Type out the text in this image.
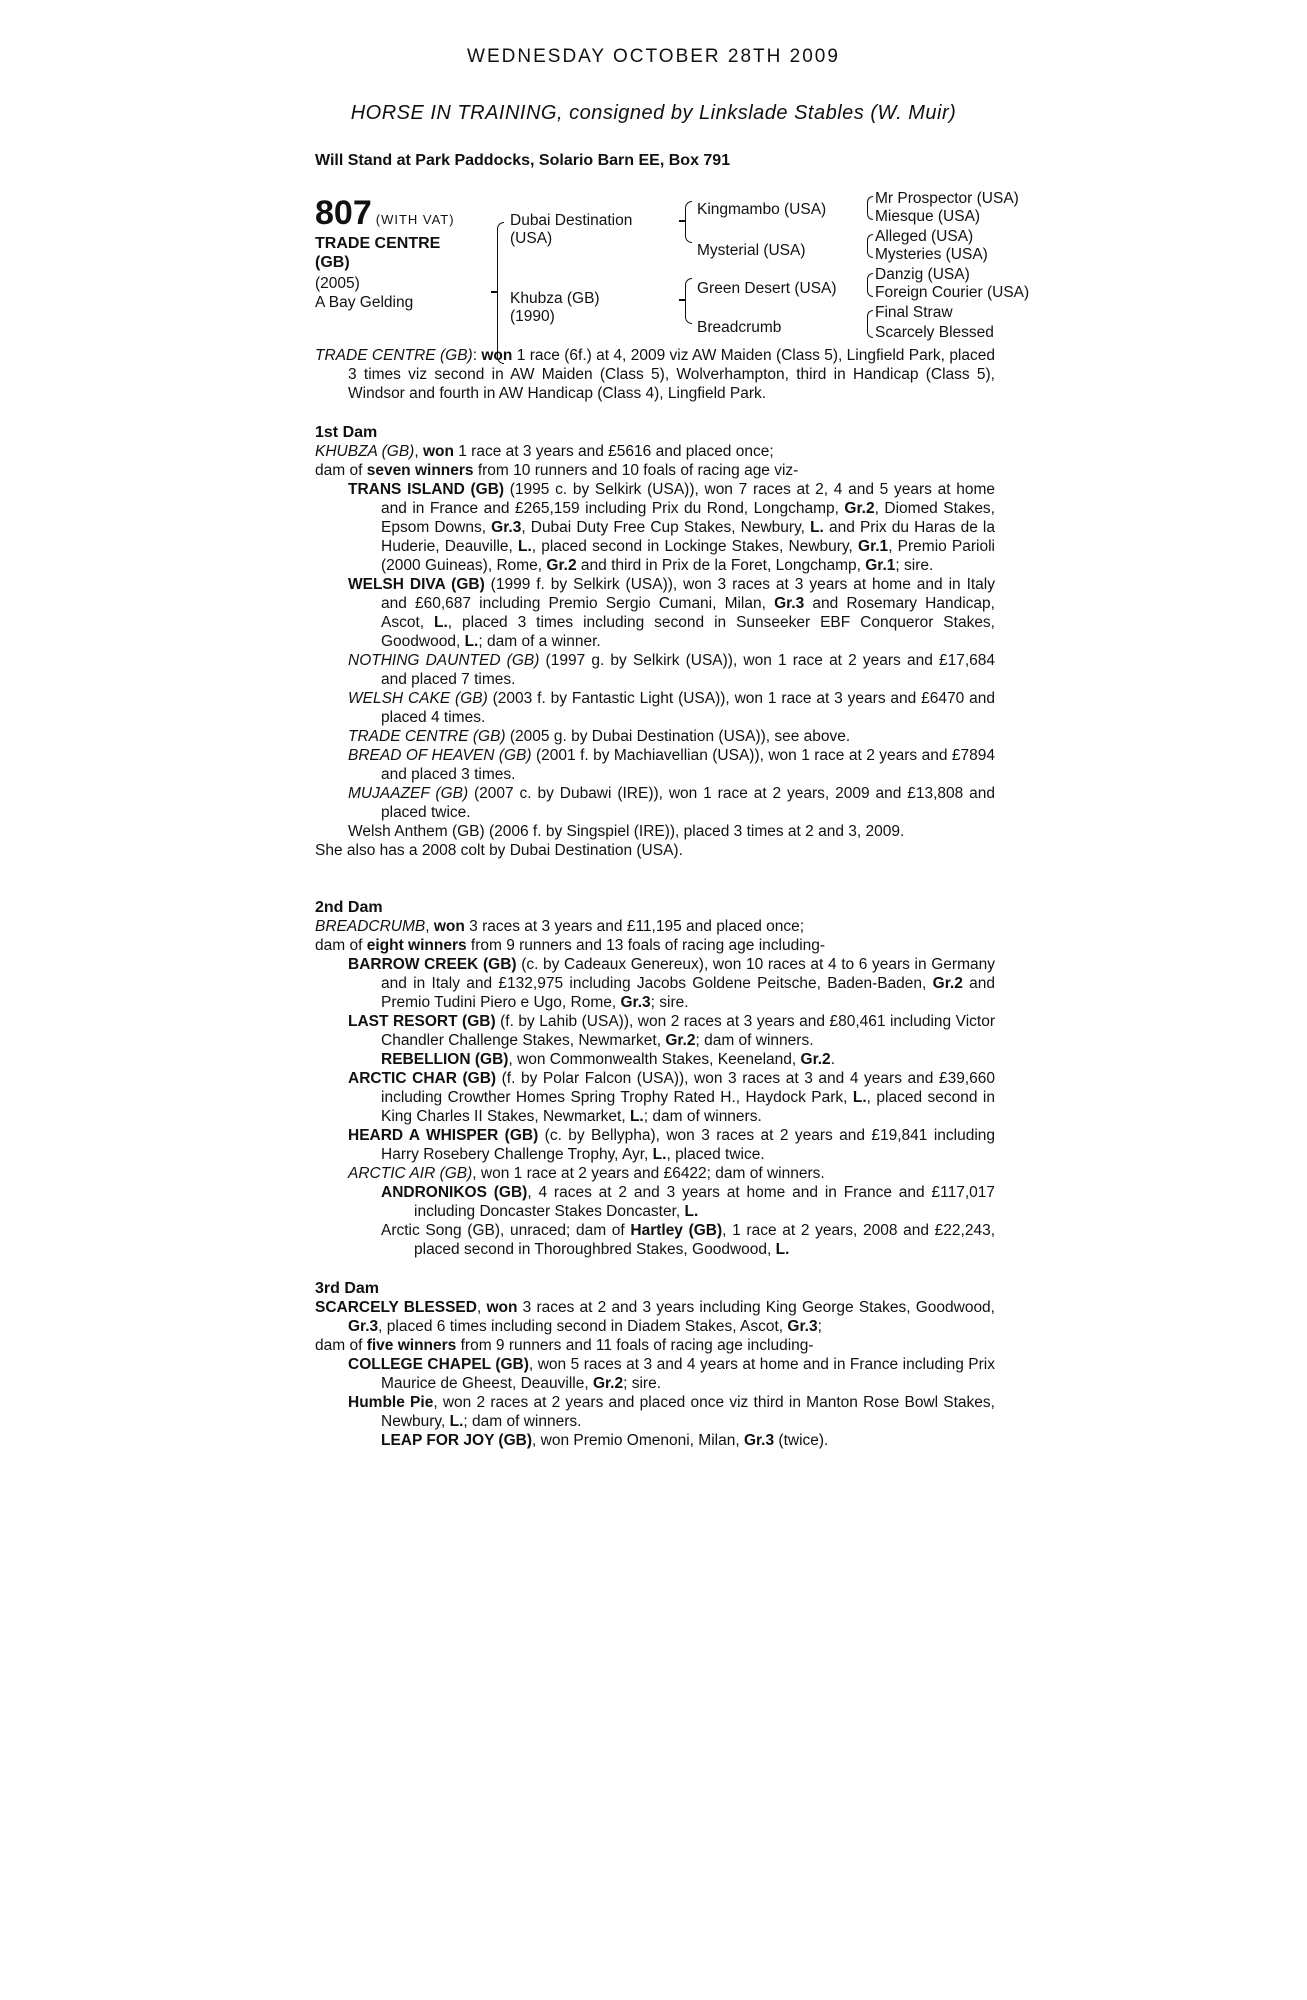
WEDNESDAY OCTOBER 28TH 2009
HORSE IN TRAINING, consigned by Linkslade Stables (W. Muir)
Will Stand at Park Paddocks, Solario Barn EE, Box 791
807 (WITH VAT)
TRADE CENTRE
(GB)
(2005)
A Bay Gelding
Dubai Destination
(USA)
Khubza (GB)
(1990)
Kingmambo (USA)
Mysterial (USA)
Green Desert (USA)
Breadcrumb
Mr Prospector (USA)
Miesque (USA)
Alleged (USA)
Mysteries (USA)
Danzig (USA)
Foreign Courier (USA)
Final Straw
Scarcely Blessed

TRADE CENTRE (GB): won 1 race (6f.) at 4, 2009 viz AW Maiden (Class 5), Lingfield Park, placed 3 times viz second in AW Maiden (Class 5), Wolverhampton, third in Handicap (Class 5), Windsor and fourth in AW Handicap (Class 4), Lingfield Park.

1st Dam

KHUBZA (GB), won 1 race at 3 years and £5616 and placed once;

dam of seven winners from 10 runners and 10 foals of racing age viz-

TRANS ISLAND (GB) (1995 c. by Selkirk (USA)), won 7 races at 2, 4 and 5 years at home and in France and £265,159 including Prix du Rond, Longchamp, Gr.2, Diomed Stakes, Epsom Downs, Gr.3, Dubai Duty Free Cup Stakes, Newbury, L. and Prix du Haras de la Huderie, Deauville, L., placed second in Lockinge Stakes, Newbury, Gr.1, Premio Parioli (2000 Guineas), Rome, Gr.2 and third in Prix de la Foret, Longchamp, Gr.1; sire.

WELSH DIVA (GB) (1999 f. by Selkirk (USA)), won 3 races at 3 years at home and in Italy and £60,687 including Premio Sergio Cumani, Milan, Gr.3 and Rosemary Handicap, Ascot, L., placed 3 times including second in Sunseeker EBF Conqueror Stakes, Goodwood, L.; dam of a winner.

NOTHING DAUNTED (GB) (1997 g. by Selkirk (USA)), won 1 race at 2 years and £17,684 and placed 7 times.

WELSH CAKE (GB) (2003 f. by Fantastic Light (USA)), won 1 race at 3 years and £6470 and placed 4 times.

TRADE CENTRE (GB) (2005 g. by Dubai Destination (USA)), see above.

BREAD OF HEAVEN (GB) (2001 f. by Machiavellian (USA)), won 1 race at 2 years and £7894 and placed 3 times.

MUJAAZEF (GB) (2007 c. by Dubawi (IRE)), won 1 race at 2 years, 2009 and £13,808 and placed twice.

Welsh Anthem (GB) (2006 f. by Singspiel (IRE)), placed 3 times at 2 and 3, 2009.

She also has a 2008 colt by Dubai Destination (USA).

2nd Dam

BREADCRUMB, won 3 races at 3 years and £11,195 and placed once;

dam of eight winners from 9 runners and 13 foals of racing age including-

BARROW CREEK (GB) (c. by Cadeaux Genereux), won 10 races at 4 to 6 years in Germany and in Italy and £132,975 including Jacobs Goldene Peitsche, Baden-Baden, Gr.2 and Premio Tudini Piero e Ugo, Rome, Gr.3; sire.

LAST RESORT (GB) (f. by Lahib (USA)), won 2 races at 3 years and £80,461 including Victor Chandler Challenge Stakes, Newmarket, Gr.2; dam of winners.

REBELLION (GB), won Commonwealth Stakes, Keeneland, Gr.2.

ARCTIC CHAR (GB) (f. by Polar Falcon (USA)), won 3 races at 3 and 4 years and £39,660 including Crowther Homes Spring Trophy Rated H., Haydock Park, L., placed second in King Charles II Stakes, Newmarket, L.; dam of winners.

HEARD A WHISPER (GB) (c. by Bellypha), won 3 races at 2 years and £19,841 including Harry Rosebery Challenge Trophy, Ayr, L., placed twice.

ARCTIC AIR (GB), won 1 race at 2 years and £6422; dam of winners.

ANDRONIKOS (GB), 4 races at 2 and 3 years at home and in France and £117,017 including Doncaster Stakes Doncaster, L.

Arctic Song (GB), unraced; dam of Hartley (GB), 1 race at 2 years, 2008 and £22,243, placed second in Thoroughbred Stakes, Goodwood, L.

3rd Dam

SCARCELY BLESSED, won 3 races at 2 and 3 years including King George Stakes, Goodwood, Gr.3, placed 6 times including second in Diadem Stakes, Ascot, Gr.3;

dam of five winners from 9 runners and 11 foals of racing age including-

COLLEGE CHAPEL (GB), won 5 races at 3 and 4 years at home and in France including Prix Maurice de Gheest, Deauville, Gr.2; sire.

Humble Pie, won 2 races at 2 years and placed once viz third in Manton Rose Bowl Stakes, Newbury, L.; dam of winners.

LEAP FOR JOY (GB), won Premio Omenoni, Milan, Gr.3 (twice).
